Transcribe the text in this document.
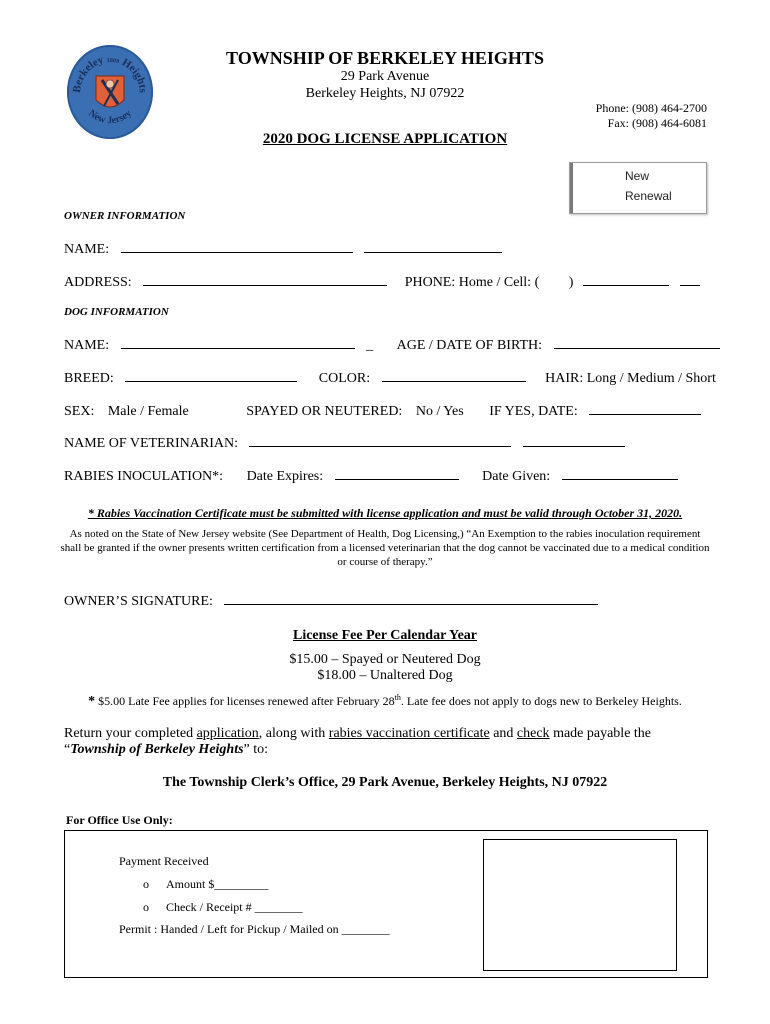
Berkeley 1809 Heights
New Jersey
TOWNSHIP OF BERKELEY HEIGHTS
29 Park Avenue
Berkeley Heights, NJ 07922
Phone: (908) 464-2700
Fax: (908) 464-6081
2020 DOG LICENSE APPLICATION
New
Renewal
OWNER INFORMATION
NAME:
ADDRESS:	PHONE: Home / Cell: ( )
DOG INFORMATION
NAME:	_ AGE / DATE OF BIRTH:
BREED:	COLOR:	HAIR: Long / Medium / Short
SEX: Male / Female	SPAYED OR NEUTERED: No / Yes IF YES, DATE:
NAME OF VETERINARIAN:
RABIES INOCULATION*: Date Expires:	Date Given:
* Rabies Vaccination Certificate must be submitted with license application and must be valid through October 31, 2020.
As noted on the State of New Jersey website (See Department of Health, Dog Licensing,) “An Exemption to the rabies inoculation requirement shall be granted if the owner presents written certification from a licensed veterinarian that the dog cannot be vaccinated due to a medical condition or course of therapy.”
OWNER’S SIGNATURE:
License Fee Per Calendar Year
$15.00 – Spayed or Neutered Dog
$18.00 – Unaltered Dog
* $5.00 Late Fee applies for licenses renewed after February 28th. Late fee does not apply to dogs new to Berkeley Heights.
Return your completed application, along with rabies vaccination certificate and check made payable the
“Township of Berkeley Heights” to:
The Township Clerk’s Office, 29 Park Avenue, Berkeley Heights, NJ 07922
For Office Use Only:
Payment Received
o Amount $_________
o Check / Receipt # ________
Permit : Handed / Left for Pickup / Mailed on ________
